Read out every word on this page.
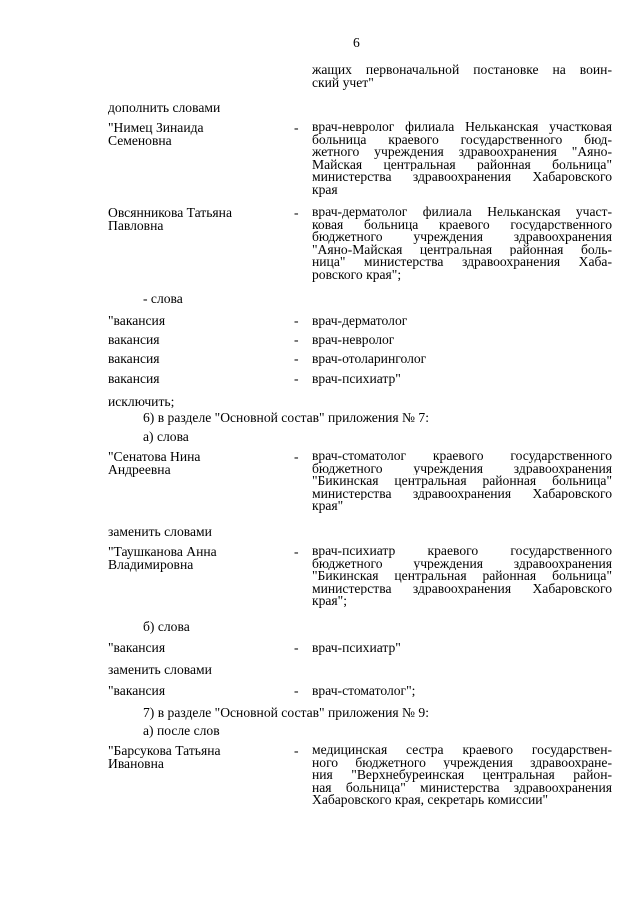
6
жащих первоначальной постановке на воин-
ский учет"
дополнить словами
"Нимец Зинаида
Семеновна
- врач-невролог филиала Нельканская участковая
больница краевого государственного бюд-
жетного учреждения здравоохранения "Аяно-
Майская центральная районная больница"
министерства здравоохранения Хабаровского
края
Овсянникова Татьяна
Павловна
- врач-дерматолог филиала Нельканская участ-
ковая больница краевого государственного
бюджетного учреждения здравоохранения
"Аяно-Майская центральная районная боль-
ница" министерства здравоохранения Хаба-
ровского края";
- слова
"вакансия	- врач-дерматолог
вакансия	- врач-невролог
вакансия	- врач-отоларинголог
вакансия	- врач-психиатр"
исключить;
6) в разделе "Основной состав" приложения № 7:
а) слова
"Сенатова Нина
Андреевна
- врач-стоматолог краевого государственного
бюджетного учреждения здравоохранения
"Бикинская центральная районная больница"
министерства здравоохранения Хабаровского
края"
заменить словами
"Таушканова Анна
Владимировна
- врач-психиатр краевого государственного
бюджетного учреждения здравоохранения
"Бикинская центральная районная больница"
министерства здравоохранения Хабаровского
края";
б) слова
"вакансия	- врач-психиатр"
заменить словами
"вакансия	- врач-стоматолог";
7) в разделе "Основной состав" приложения № 9:
а) после слов
"Барсукова Татьяна
Ивановна
- медицинская сестра краевого государствен-
ного бюджетного учреждения здравоохране-
ния "Верхнебуреинская центральная район-
ная больница" министерства здравоохранения
Хабаровского края, секретарь комиссии"
